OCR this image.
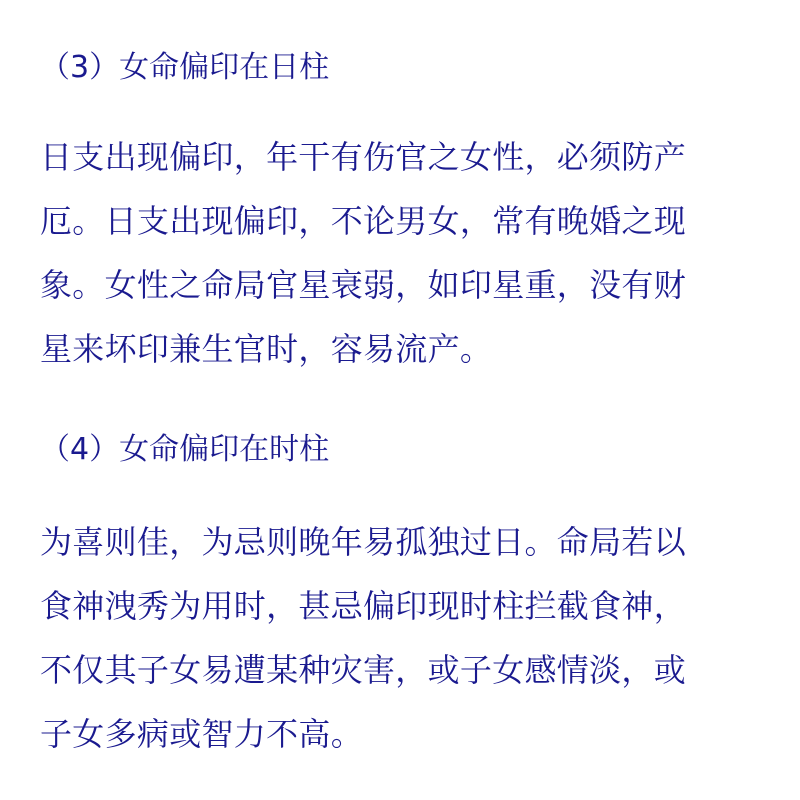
（3）女命偏印在日柱
日支出现偏印，年干有伤官之女性，必须防产
厄。日支出现偏印，不论男女，常有晚婚之现
象。女性之命局官星衰弱，如印星重，没有财
星来坏印兼生官时，容易流产。
（4）女命偏印在时柱
为喜则佳，为忌则晚年易孤独过日。命局若以
食神洩秀为用时，甚忌偏印现时柱拦截食神，
不仅其子女易遭某种灾害，或子女感情淡，或
子女多病或智力不高。
